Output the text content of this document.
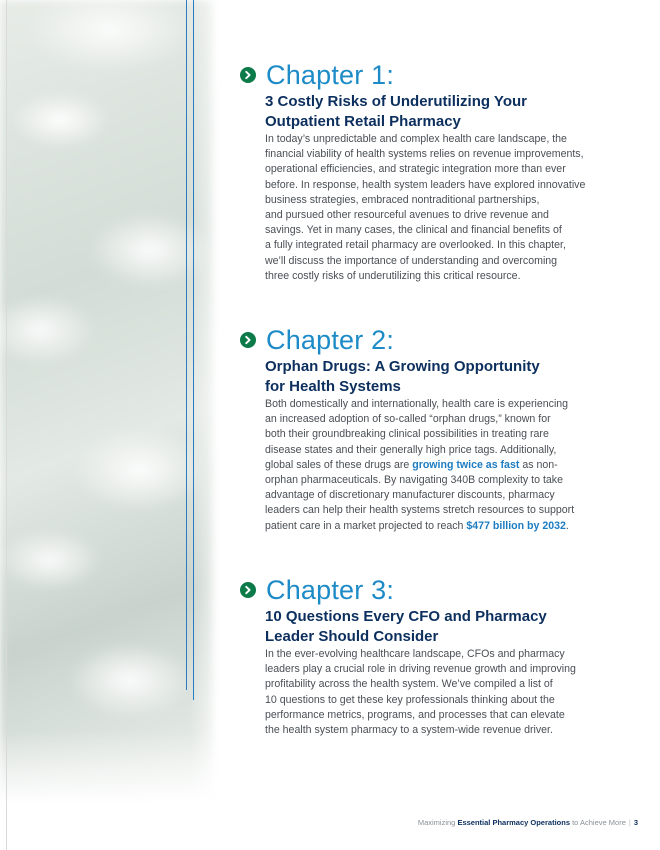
Chapter 1:
3 Costly Risks of Underutilizing Your
Outpatient Retail Pharmacy
In today’s unpredictable and complex health care landscape, the
financial viability of health systems relies on revenue improvements,
operational efficiencies, and strategic integration more than ever
before. In response, health system leaders have explored innovative
business strategies, embraced nontraditional partnerships,
and pursued other resourceful avenues to drive revenue and
savings. Yet in many cases, the clinical and financial benefits of
a fully integrated retail pharmacy are overlooked. In this chapter,
we’ll discuss the importance of understanding and overcoming
three costly risks of underutilizing this critical resource.
Chapter 2:
Orphan Drugs: A Growing Opportunity
for Health Systems
Both domestically and internationally, health care is experiencing
an increased adoption of so-called “orphan drugs,” known for
both their groundbreaking clinical possibilities in treating rare
disease states and their generally high price tags. Additionally,
global sales of these drugs are growing twice as fast as non-
orphan pharmaceuticals. By navigating 340B complexity to take
advantage of discretionary manufacturer discounts, pharmacy
leaders can help their health systems stretch resources to support
patient care in a market projected to reach $477 billion by 2032.
Chapter 3:
10 Questions Every CFO and Pharmacy
Leader Should Consider
In the ever-evolving healthcare landscape, CFOs and pharmacy
leaders play a crucial role in driving revenue growth and improving
profitability across the health system. We’ve compiled a list of
10 questions to get these key professionals thinking about the
performance metrics, programs, and processes that can elevate
the health system pharmacy to a system-wide revenue driver.
Maximizing Essential Pharmacy Operations to Achieve More | 3
